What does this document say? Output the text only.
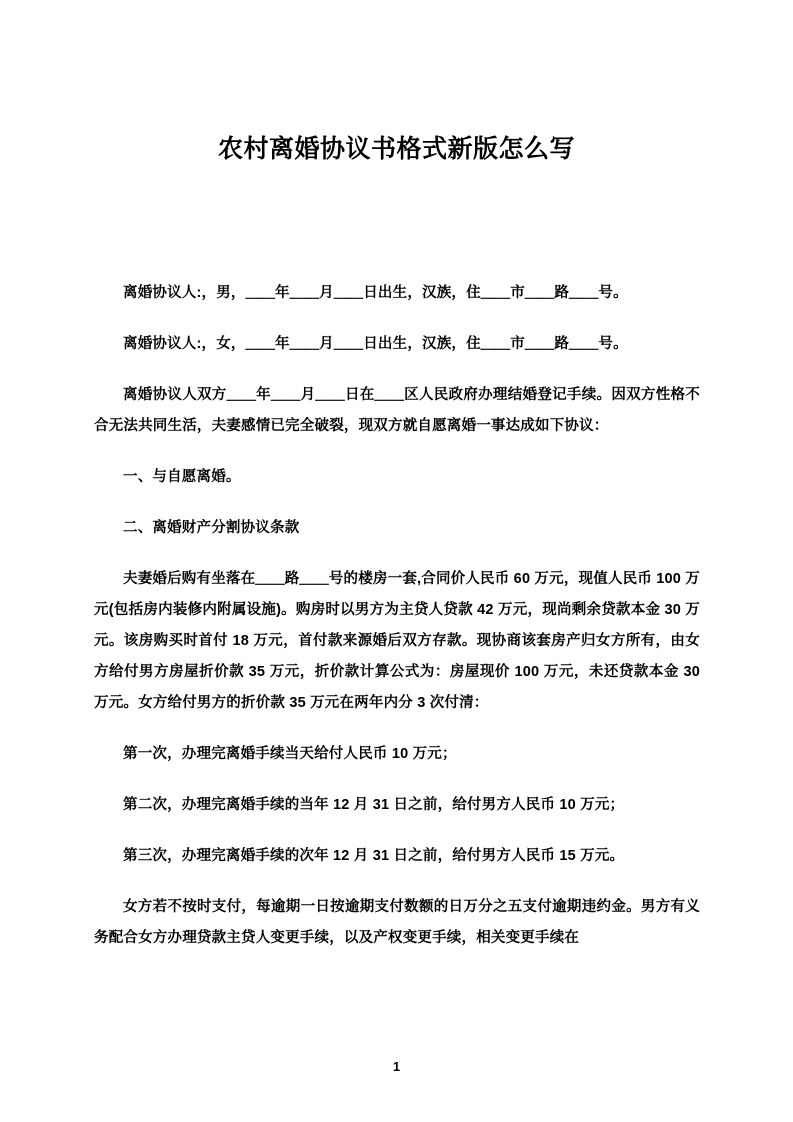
农村离婚协议书格式新版怎么写

离婚协议人:，男，＿＿年＿＿月＿＿日出生，汉族，住＿＿市＿＿路＿＿号。

离婚协议人:，女，＿＿年＿＿月＿＿日出生，汉族，住＿＿市＿＿路＿＿号。

离婚协议人双方＿＿年＿＿月＿＿日在＿＿区人民政府办理结婚登记手续。因双方性格不合无法共同生活，夫妻感情已完全破裂，现双方就自愿离婚一事达成如下协议：

一、与自愿离婚。

二、离婚财产分割协议条款

夫妻婚后购有坐落在＿＿路＿＿号的楼房一套,合同价人民币 60 万元，现值人民币 100 万元(包括房内装修内附属设施)。购房时以男方为主贷人贷款 42 万元，现尚剩余贷款本金 30 万元。该房购买时首付 18 万元，首付款来源婚后双方存款。现协商该套房产归女方所有，由女方给付男方房屋折价款 35 万元，折价款计算公式为：房屋现价 100 万元，未还贷款本金 30 万元。女方给付男方的折价款 35 万元在两年内分 3 次付清：

第一次，办理完离婚手续当天给付人民币 10 万元；

第二次，办理完离婚手续的当年 12 月 31 日之前，给付男方人民币 10 万元；

第三次，办理完离婚手续的次年 12 月 31 日之前，给付男方人民币 15 万元。

女方若不按时支付，每逾期一日按逾期支付数额的日万分之五支付逾期违约金。男方有义务配合女方办理贷款主贷人变更手续，以及产权变更手续，相关变更手续在

1
